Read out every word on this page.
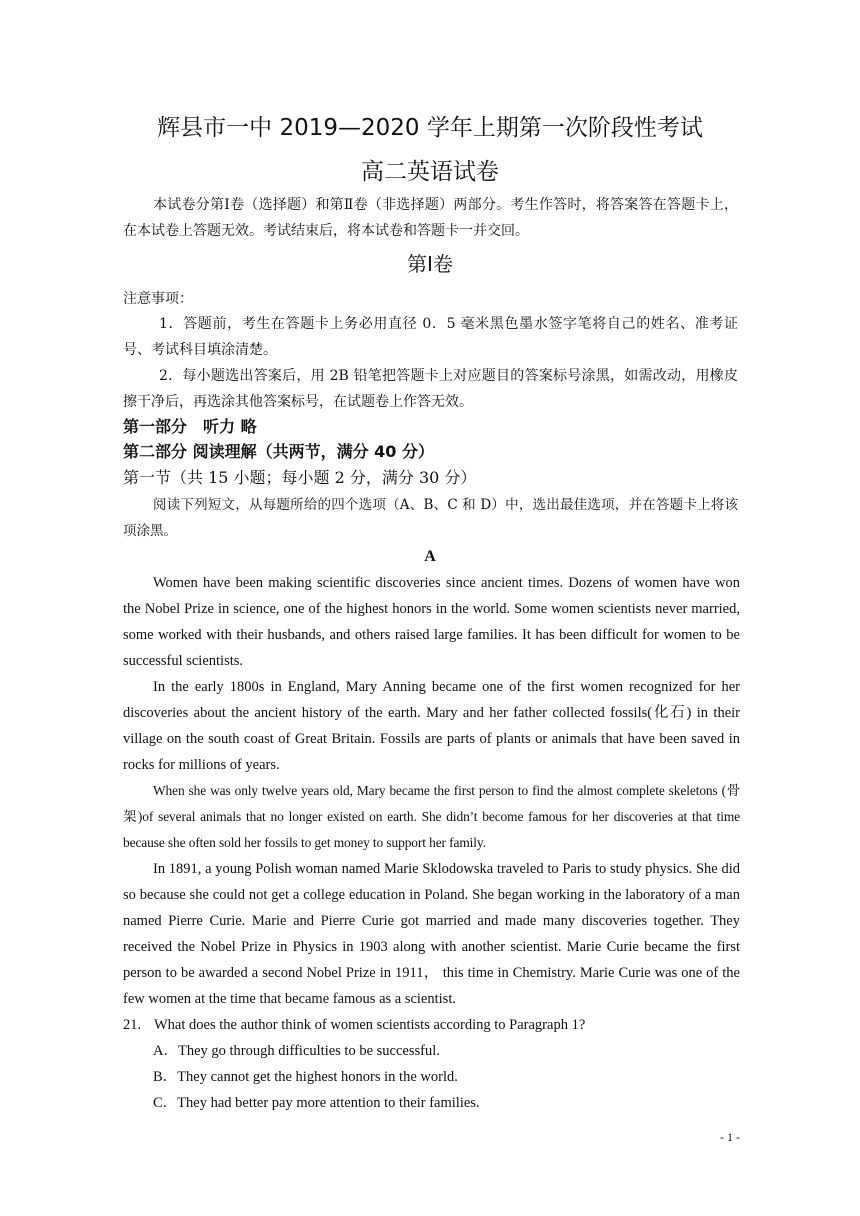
辉县市一中 2019—2020 学年上期第一次阶段性考试
高二英语试卷

本试卷分第Ⅰ卷（选择题）和第Ⅱ卷（非选择题）两部分。考生作答时，将答案答在答题卡上，在本试卷上答题无效。考试结束后，将本试卷和答题卡一并交回。

第Ⅰ卷
注意事项：

1．答题前，考生在答题卡上务必用直径 0．5 毫米黑色墨水签字笔将自己的姓名、准考证号、考试科目填涂清楚。

2．每小题选出答案后，用 2B 铅笔把答题卡上对应题目的答案标号涂黑，如需改动，用橡皮擦干净后，再选涂其他答案标号，在试题卷上作答无效。

第一部分　听力 略
第二部分 阅读理解（共两节，满分 40 分）
第一节（共 15 小题；每小题 2 分，满分 30 分）

阅读下列短文，从每题所给的四个选项（A、B、C 和 D）中，选出最佳选项，并在答题卡上将该项涂黑。

A

Women have been making scientific discoveries since ancient times. Dozens of women have won the Nobel Prize in science, one of the highest honors in the world. Some women scientists never married, some worked with their husbands, and others raised large families. It has been difficult for women to be successful scientists.

In the early 1800s in England, Mary Anning became one of the first women recognized for her discoveries about the ancient history of the earth. Mary and her father collected fossils(化石) in their village on the south coast of Great Britain. Fossils are parts of plants or animals that have been saved in rocks for millions of years.

When she was only twelve years old, Mary became the first person to find the almost complete skeletons (骨架)of several animals that no longer existed on earth. She didn’t become famous for her discoveries at that time because she often sold her fossils to get money to support her family.

In 1891, a young Polish woman named Marie Sklodowska traveled to Paris to study physics. She did so because she could not get a college education in Poland. She began working in the laboratory of a man named Pierre Curie. Marie and Pierre Curie got married and made many discoveries together. They received the Nobel Prize in Physics in 1903 along with another scientist. Marie Curie became the first person to be awarded a second Nobel Prize in 1911， this time in Chemistry. Marie Curie was one of the few women at the time that became famous as a scientist.

21. What does the author think of women scientists according to Paragraph 1?
A．They go through difficulties to be successful.
B．They cannot get the highest honors in the world.
C．They had better pay more attention to their families.
- 1 -
